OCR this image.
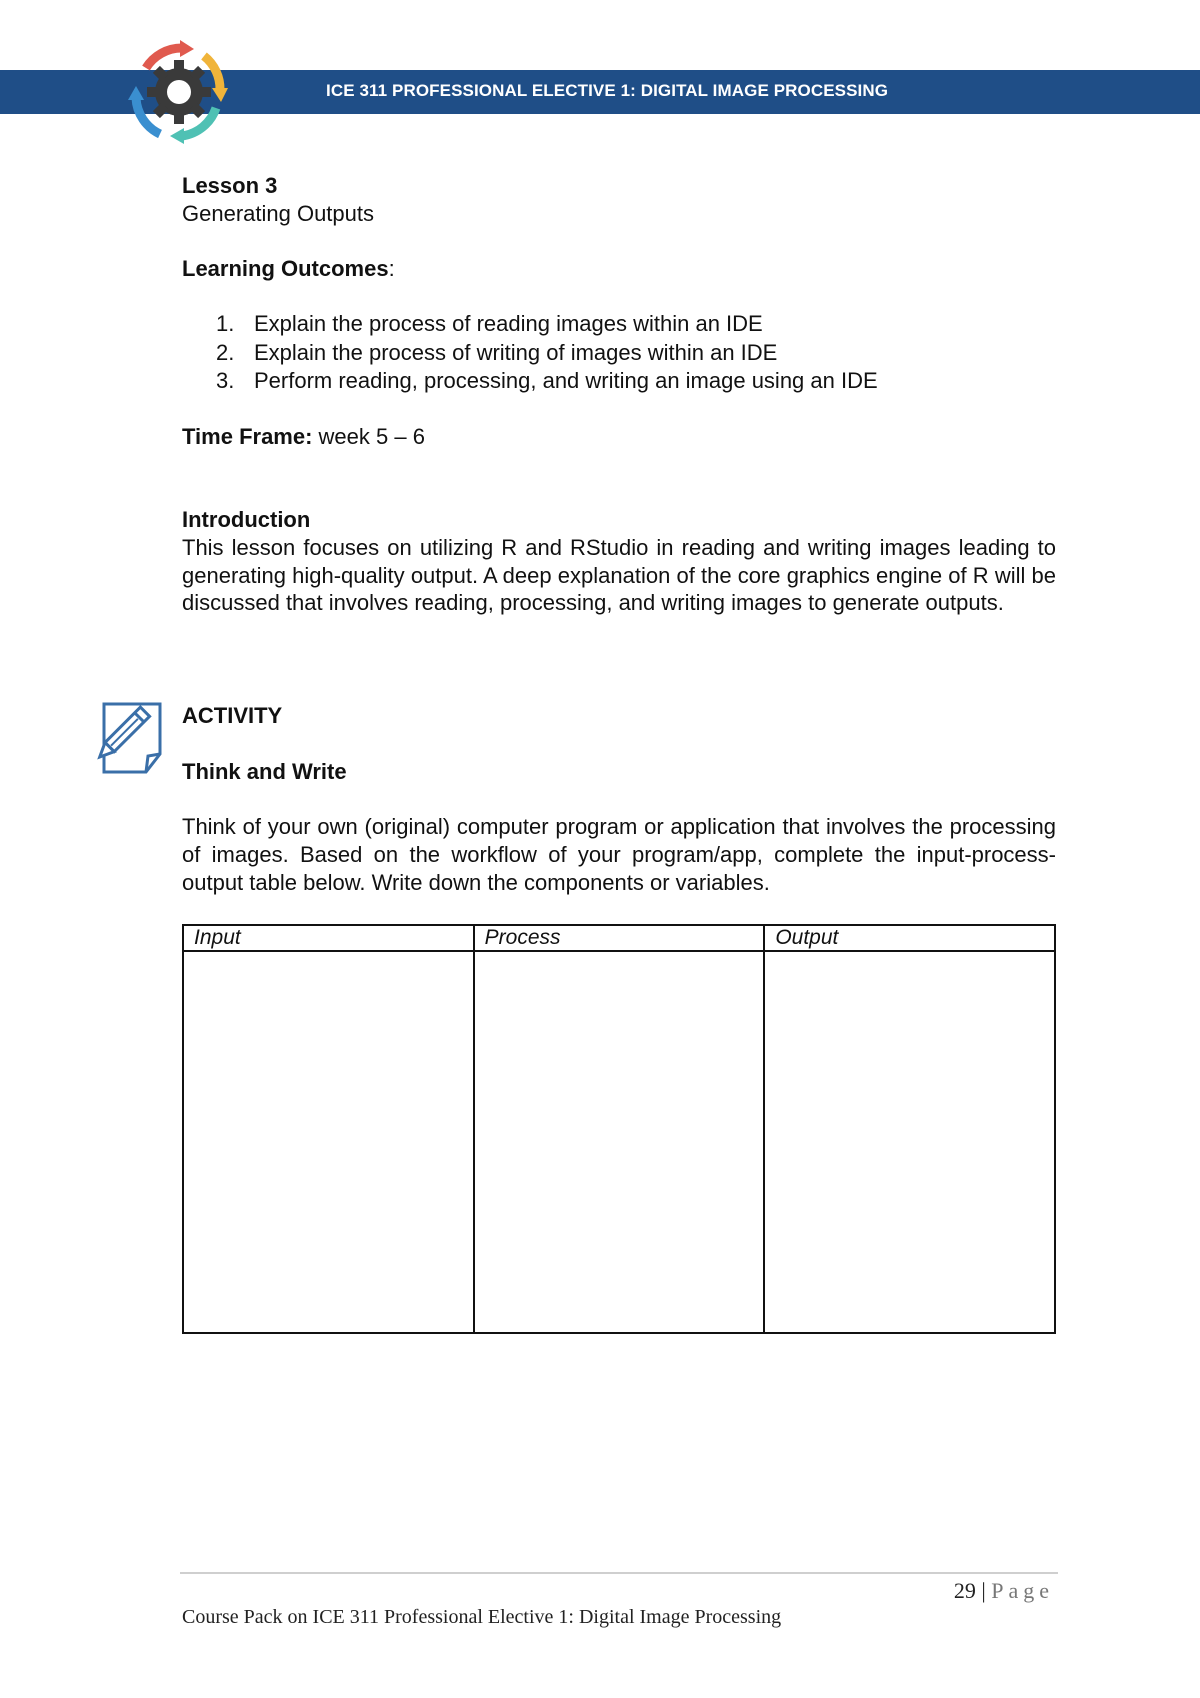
ICE 311 PROFESSIONAL ELECTIVE 1: DIGITAL IMAGE PROCESSING
Lesson 3
Generating Outputs
Learning Outcomes:
1. Explain the process of reading images within an IDE
2. Explain the process of writing of images within an IDE
3. Perform reading, processing, and writing an image using an IDE
Time Frame: week 5 – 6
Introduction
This lesson focuses on utilizing R and RStudio in reading and writing images leading to generating high-quality output. A deep explanation of the core graphics engine of R will be discussed that involves reading, processing, and writing images to generate outputs.
ACTIVITY
Think and Write
Think of your own (original) computer program or application that involves the processing of images. Based on the workflow of your program/app, complete the input-process-output table below. Write down the components or variables.
Input	Process	Output

29 | Page
Course Pack on ICE 311 Professional Elective 1: Digital Image Processing
